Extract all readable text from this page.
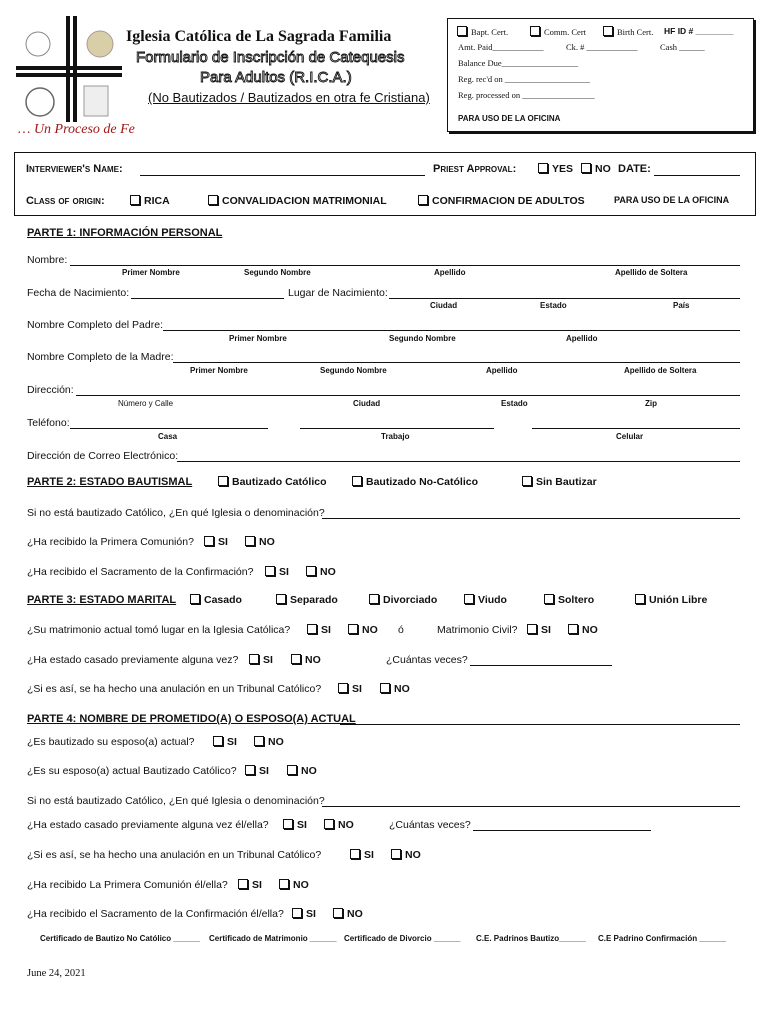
… Un Proceso de Fe
Iglesia Católica de La Sagrada Familia
Formulario de Inscripción de Catequesis
Para Adultos (R.I.C.A.)
(No Bautizados / Bautizados en otra fe Cristiana)
Bapt. Cert.	Comm. Cert	Birth Cert. HF ID # ________
Amt. Paid____________	Ck. # ____________	Cash ______
Balance Due__________________
Reg. rec'd on ____________________
Reg. processed on _________________
PARA USO DE LA OFICINA
Interviewer's Name:	Priest Approval:	YES	NO DATE:
Class of origin:	RICA	CONVALIDACION MATRIMONIAL	CONFIRMACION DE ADULTOS	PARA USO DE LA OFICINA
PARTE 1: INFORMACIÓN PERSONAL
Nombre:
Primer Nombre	Segundo Nombre	Apellido	Apellido de Soltera
Fecha de Nacimiento:	Lugar de Nacimiento:
Ciudad	Estado	País
Nombre Completo del Padre:
Primer Nombre	Segundo Nombre	Apellido
Nombre Completo de la Madre:
Primer Nombre	Segundo Nombre	Apellido	Apellido de Soltera
Dirección:
Número y Calle	Ciudad	Estado	Zip
Teléfono:
Casa	Trabajo	Celular
Dirección de Correo Electrónico:
PARTE 2: ESTADO BAUTISMAL	Bautizado Católico	Bautizado No-Católico	Sin Bautizar
Si no está bautizado Católico, ¿En qué Iglesia o denominación?
¿Ha recibido la Primera Comunión?	SI	NO
¿Ha recibido el Sacramento de la Confirmación?	SI	NO
PARTE 3: ESTADO MARITAL	Casado	Separado	Divorciado	Viudo	Soltero	Unión Libre
¿Su matrimonio actual tomó lugar en la Iglesia Católica?	SI	NO ó	Matrimonio Civil?	SI	NO
¿Ha estado casado previamente alguna vez?	SI	NO	¿Cuántas veces?
¿Si es así, se ha hecho una anulación en un Tribunal Católico?	SI	NO
PARTE 4: NOMBRE DE PROMETIDO(A) O ESPOSO(A) ACTUAL
¿Es bautizado su esposo(a) actual?	SI	NO
¿Es su esposo(a) actual Bautizado Católico?	SI	NO
Si no está bautizado Católico, ¿En qué Iglesia o denominación?
¿Ha estado casado previamente alguna vez él/ella?	SI	NO	¿Cuántas veces?
¿Si es así, se ha hecho una anulación en un Tribunal Católico?	SI	NO
¿Ha recibido La Primera Comunión él/ella?	SI	NO
¿Ha recibido el Sacramento de la Confirmación él/ella?	SI	NO
Certificado de Bautizo No Católico ______ Certificado de Matrimonio ______ Certificado de Divorcio ______ C.E. Padrinos Bautizo______ C.E Padrino Confirmación ______
June 24, 2021
